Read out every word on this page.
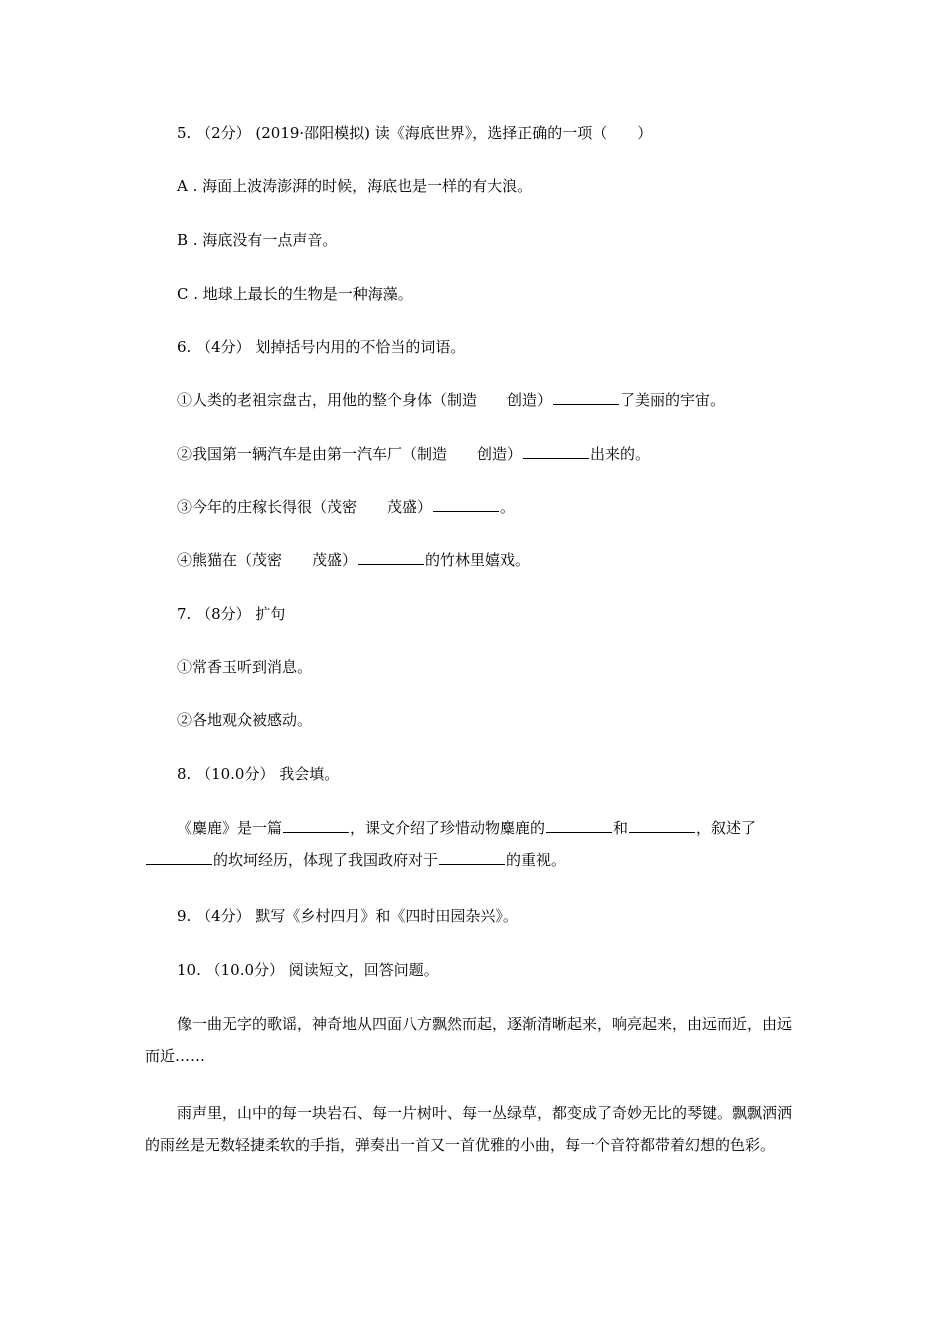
5. （2分） (2019·邵阳模拟) 读《海底世界》，选择正确的一项（　　）
A . 海面上波涛澎湃的时候，海底也是一样的有大浪。
B . 海底没有一点声音。
C . 地球上最长的生物是一种海藻。
6. （4分） 划掉括号内用的不恰当的词语。
①人类的老祖宗盘古，用他的整个身体（制造　　创造）	了美丽的宇宙。
②我国第一辆汽车是由第一汽车厂（制造　　创造）	出来的。
③今年的庄稼长得很（茂密　　茂盛）	。
④熊猫在（茂密　　茂盛）	的竹林里嬉戏。
7. （8分） 扩句
①常香玉听到消息。
②各地观众被感动。
8. （10.0分） 我会填。
《麋鹿》是一篇	，课文介绍了珍惜动物麋鹿的	和	，叙述了的坎坷经历，体现了我国政府对于	的重视。
9. （4分） 默写《乡村四月》和《四时田园杂兴》。
10. （10.0分） 阅读短文，回答问题。
像一曲无字的歌谣，神奇地从四面八方飘然而起，逐渐清晰起来，响亮起来，由远而近，由远而近……
雨声里，山中的每一块岩石、每一片树叶、每一丛绿草，都变成了奇妙无比的琴键。飘飘洒洒的雨丝是无数轻捷柔软的手指，弹奏出一首又一首优雅的小曲，每一个音符都带着幻想的色彩。
